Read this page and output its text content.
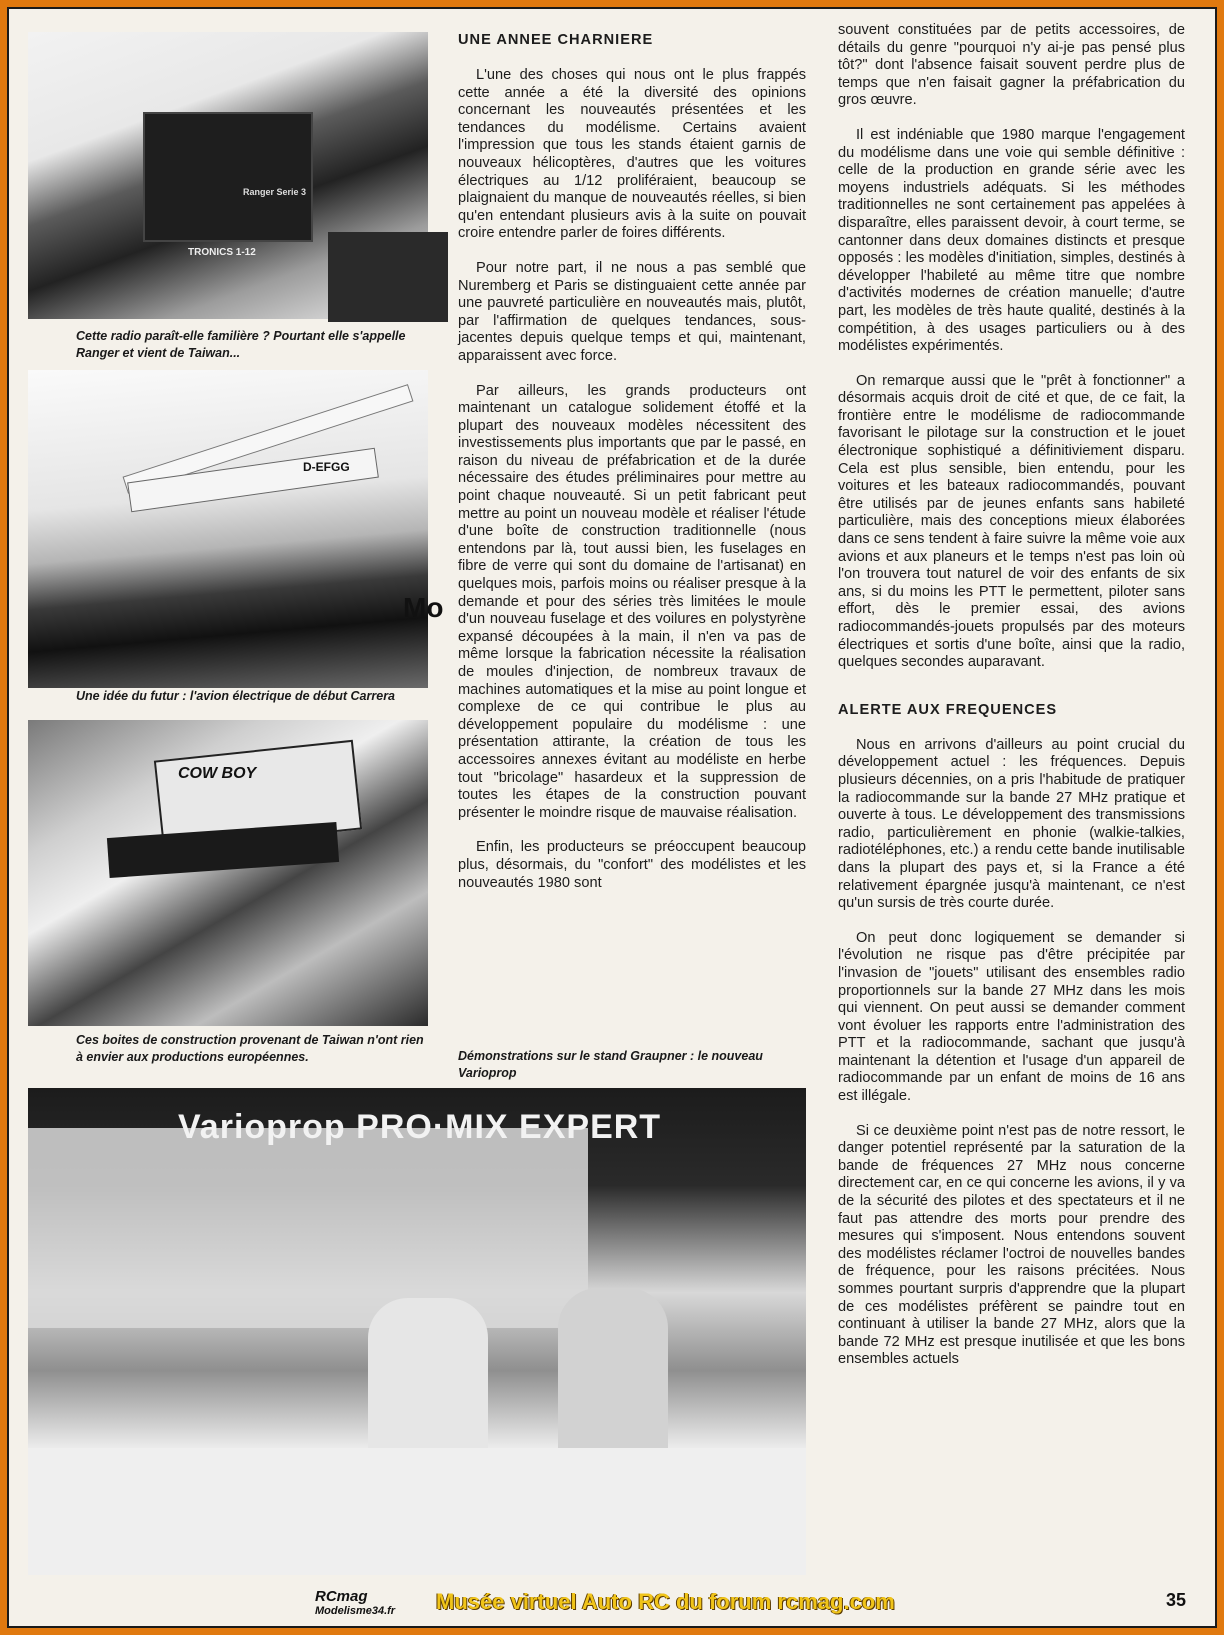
Ranger Serie 3
TRONICS 1-12
Cette radio paraît-elle familière ? Pourtant elle s'appelle Ranger et vient de Taiwan...
D-EFGG
Mo
Une idée du futur : l'avion électrique de début Carrera
COW BOY
Ces boites de construction provenant de Taiwan n'ont rien à envier aux productions européennes.	Démonstrations sur le stand Graupner : le nouveau Varioprop
Varioprop PRO·MIX EXPERT
UNE ANNEE CHARNIERE

L'une des choses qui nous ont le plus frappés cette année a été la diversité des opinions concernant les nouveautés présentées et les tendances du modélisme. Certains avaient l'impression que tous les stands étaient garnis de nouveaux hélicoptères, d'autres que les voitures électriques au 1/12 proliféraient, beaucoup se plaignaient du manque de nouveautés réelles, si bien qu'en entendant plusieurs avis à la suite on pouvait croire entendre parler de foires différents.

Pour notre part, il ne nous a pas semblé que Nuremberg et Paris se distinguaient cette année par une pauvreté particulière en nouveautés mais, plutôt, par l'affirmation de quelques tendances, sous-jacentes depuis quelque temps et qui, maintenant, apparaissent avec force.

Par ailleurs, les grands producteurs ont maintenant un catalogue solidement étoffé et la plupart des nouveaux modèles nécessitent des investissements plus importants que par le passé, en raison du niveau de préfabrication et de la durée nécessaire des études préliminaires pour mettre au point chaque nouveauté. Si un petit fabricant peut mettre au point un nouveau modèle et réaliser l'étude d'une boîte de construction traditionnelle (nous entendons par là, tout aussi bien, les fuselages en fibre de verre qui sont du domaine de l'artisanat) en quelques mois, parfois moins ou réaliser presque à la demande et pour des séries très limitées le moule d'un nouveau fuselage et des voilures en polystyrène expansé découpées à la main, il n'en va pas de même lorsque la fabrication nécessite la réalisation de moules d'injection, de nombreux travaux de machines automatiques et la mise au point longue et complexe de ce qui contribue le plus au développement populaire du modélisme : une présentation attirante, la création de tous les accessoires annexes évitant au modéliste en herbe tout "bricolage" hasardeux et la suppression de toutes les étapes de la construction pouvant présenter le moindre risque de mauvaise réalisation.

Enfin, les producteurs se préoccupent beaucoup plus, désormais, du "confort" des modélistes et les nouveautés 1980 sont

souvent constituées par de petits accessoires, de détails du genre "pourquoi n'y ai-je pas pensé plus tôt?" dont l'absence faisait souvent perdre plus de temps que n'en faisait gagner la préfabrication du gros œuvre.

Il est indéniable que 1980 marque l'engagement du modélisme dans une voie qui semble définitive : celle de la production en grande série avec les moyens industriels adéquats. Si les méthodes traditionnelles ne sont certainement pas appelées à disparaître, elles paraissent devoir, à court terme, se cantonner dans deux domaines distincts et presque opposés : les modèles d'initiation, simples, destinés à développer l'habileté au même titre que nombre d'activités modernes de création manuelle; d'autre part, les modèles de très haute qualité, destinés à la compétition, à des usages particuliers ou à des modélistes expérimentés.

On remarque aussi que le "prêt à fonctionner" a désormais acquis droit de cité et que, de ce fait, la frontière entre le modélisme de radiocommande favorisant le pilotage sur la construction et le jouet électronique sophistiqué a définitiviement disparu. Cela est plus sensible, bien entendu, pour les voitures et les bateaux radiocommandés, pouvant être utilisés par de jeunes enfants sans habileté particulière, mais des conceptions mieux élaborées dans ce sens tendent à faire suivre la même voie aux avions et aux planeurs et le temps n'est pas loin où l'on trouvera tout naturel de voir des enfants de six ans, si du moins les PTT le permettent, piloter sans effort, dès le premier essai, des avions radiocommandés-jouets propulsés par des moteurs électriques et sortis d'une boîte, ainsi que la radio, quelques secondes auparavant.

ALERTE AUX FREQUENCES

Nous en arrivons d'ailleurs au point crucial du développement actuel : les fréquences. Depuis plusieurs décennies, on a pris l'habitude de pratiquer la radiocommande sur la bande 27 MHz pratique et ouverte à tous. Le développement des transmissions radio, particulièrement en phonie (walkie-talkies, radiotéléphones, etc.) a rendu cette bande inutilisable dans la plupart des pays et, si la France a été relativement épargnée jusqu'à maintenant, ce n'est qu'un sursis de très courte durée.

On peut donc logiquement se demander si l'évolution ne risque pas d'être précipitée par l'invasion de "jouets" utilisant des ensembles radio proportionnels sur la bande 27 MHz dans les mois qui viennent. On peut aussi se demander comment vont évoluer les rapports entre l'administration des PTT et la radiocommande, sachant que jusqu'à maintenant la détention et l'usage d'un appareil de radiocommande par un enfant de moins de 16 ans est illégale.

Si ce deuxième point n'est pas de notre ressort, le danger potentiel représenté par la saturation de la bande de fréquences 27 MHz nous concerne directement car, en ce qui concerne les avions, il y va de la sécurité des pilotes et des spectateurs et il ne faut pas attendre des morts pour prendre des mesures qui s'imposent. Nous entendons souvent des modélistes réclamer l'octroi de nouvelles bandes de fréquence, pour les raisons précitées. Nous sommes pourtant surpris d'apprendre que la plupart de ces modélistes préfèrent se paindre tout en continuant à utiliser la bande 27 MHz, alors que la bande 72 MHz est presque inutilisée et que les bons ensembles actuels

RCmag
Modelisme34.fr Musée virtuel Auto RC du forum rcmag.com	35
